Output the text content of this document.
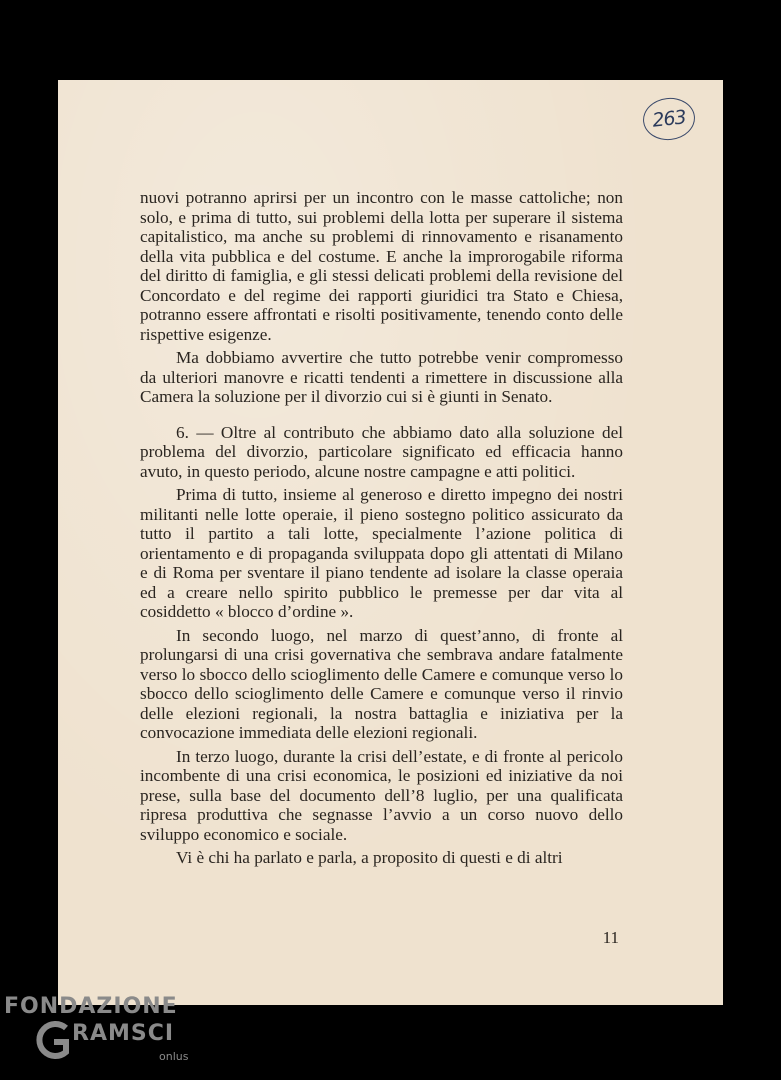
263

nuovi potranno aprirsi per un incontro con le masse cattoliche; non solo, e prima di tutto, sui problemi della lotta per superare il sistema capitalistico, ma anche su problemi di rinnovamento e risanamento della vita pubblica e del costume. E anche la improrogabile riforma del diritto di famiglia, e gli stessi delicati problemi della revisione del Concordato e del regime dei rapporti giuridici tra Stato e Chiesa, potranno essere affrontati e risolti positivamente, tenendo conto delle rispettive esigenze.

Ma dobbiamo avvertire che tutto potrebbe venir compromesso da ulteriori manovre e ricatti tendenti a rimettere in discussione alla Camera la soluzione per il divorzio cui si è giunti in Senato.

6. — Oltre al contributo che abbiamo dato alla soluzione del problema del divorzio, particolare significato ed efficacia hanno avuto, in questo periodo, alcune nostre campagne e atti politici.

Prima di tutto, insieme al generoso e diretto impegno dei nostri militanti nelle lotte operaie, il pieno sostegno politico assicurato da tutto il partito a tali lotte, specialmente l’azione politica di orientamento e di propaganda sviluppata dopo gli attentati di Milano e di Roma per sventare il piano tendente ad isolare la classe operaia ed a creare nello spirito pubblico le premesse per dar vita al cosiddetto « blocco d’ordine ».

In secondo luogo, nel marzo di quest’anno, di fronte al prolungarsi di una crisi governativa che sembrava andare fatalmente verso lo sbocco dello scioglimento delle Camere e comunque verso lo sbocco dello scioglimento delle Camere e comunque verso il rinvio delle elezioni regionali, la nostra battaglia e iniziativa per la convocazione immediata delle elezioni regionali.

In terzo luogo, durante la crisi dell’estate, e di fronte al pericolo incombente di una crisi economica, le posizioni ed iniziative da noi prese, sulla base del documento dell’8 luglio, per una qualificata ripresa produttiva che segnasse l’avvio a un corso nuovo dello sviluppo economico e sociale.

Vi è chi ha parlato e parla, a proposito di questi e di altri

11
FONDAZIONE
RAMSCI
onlus
